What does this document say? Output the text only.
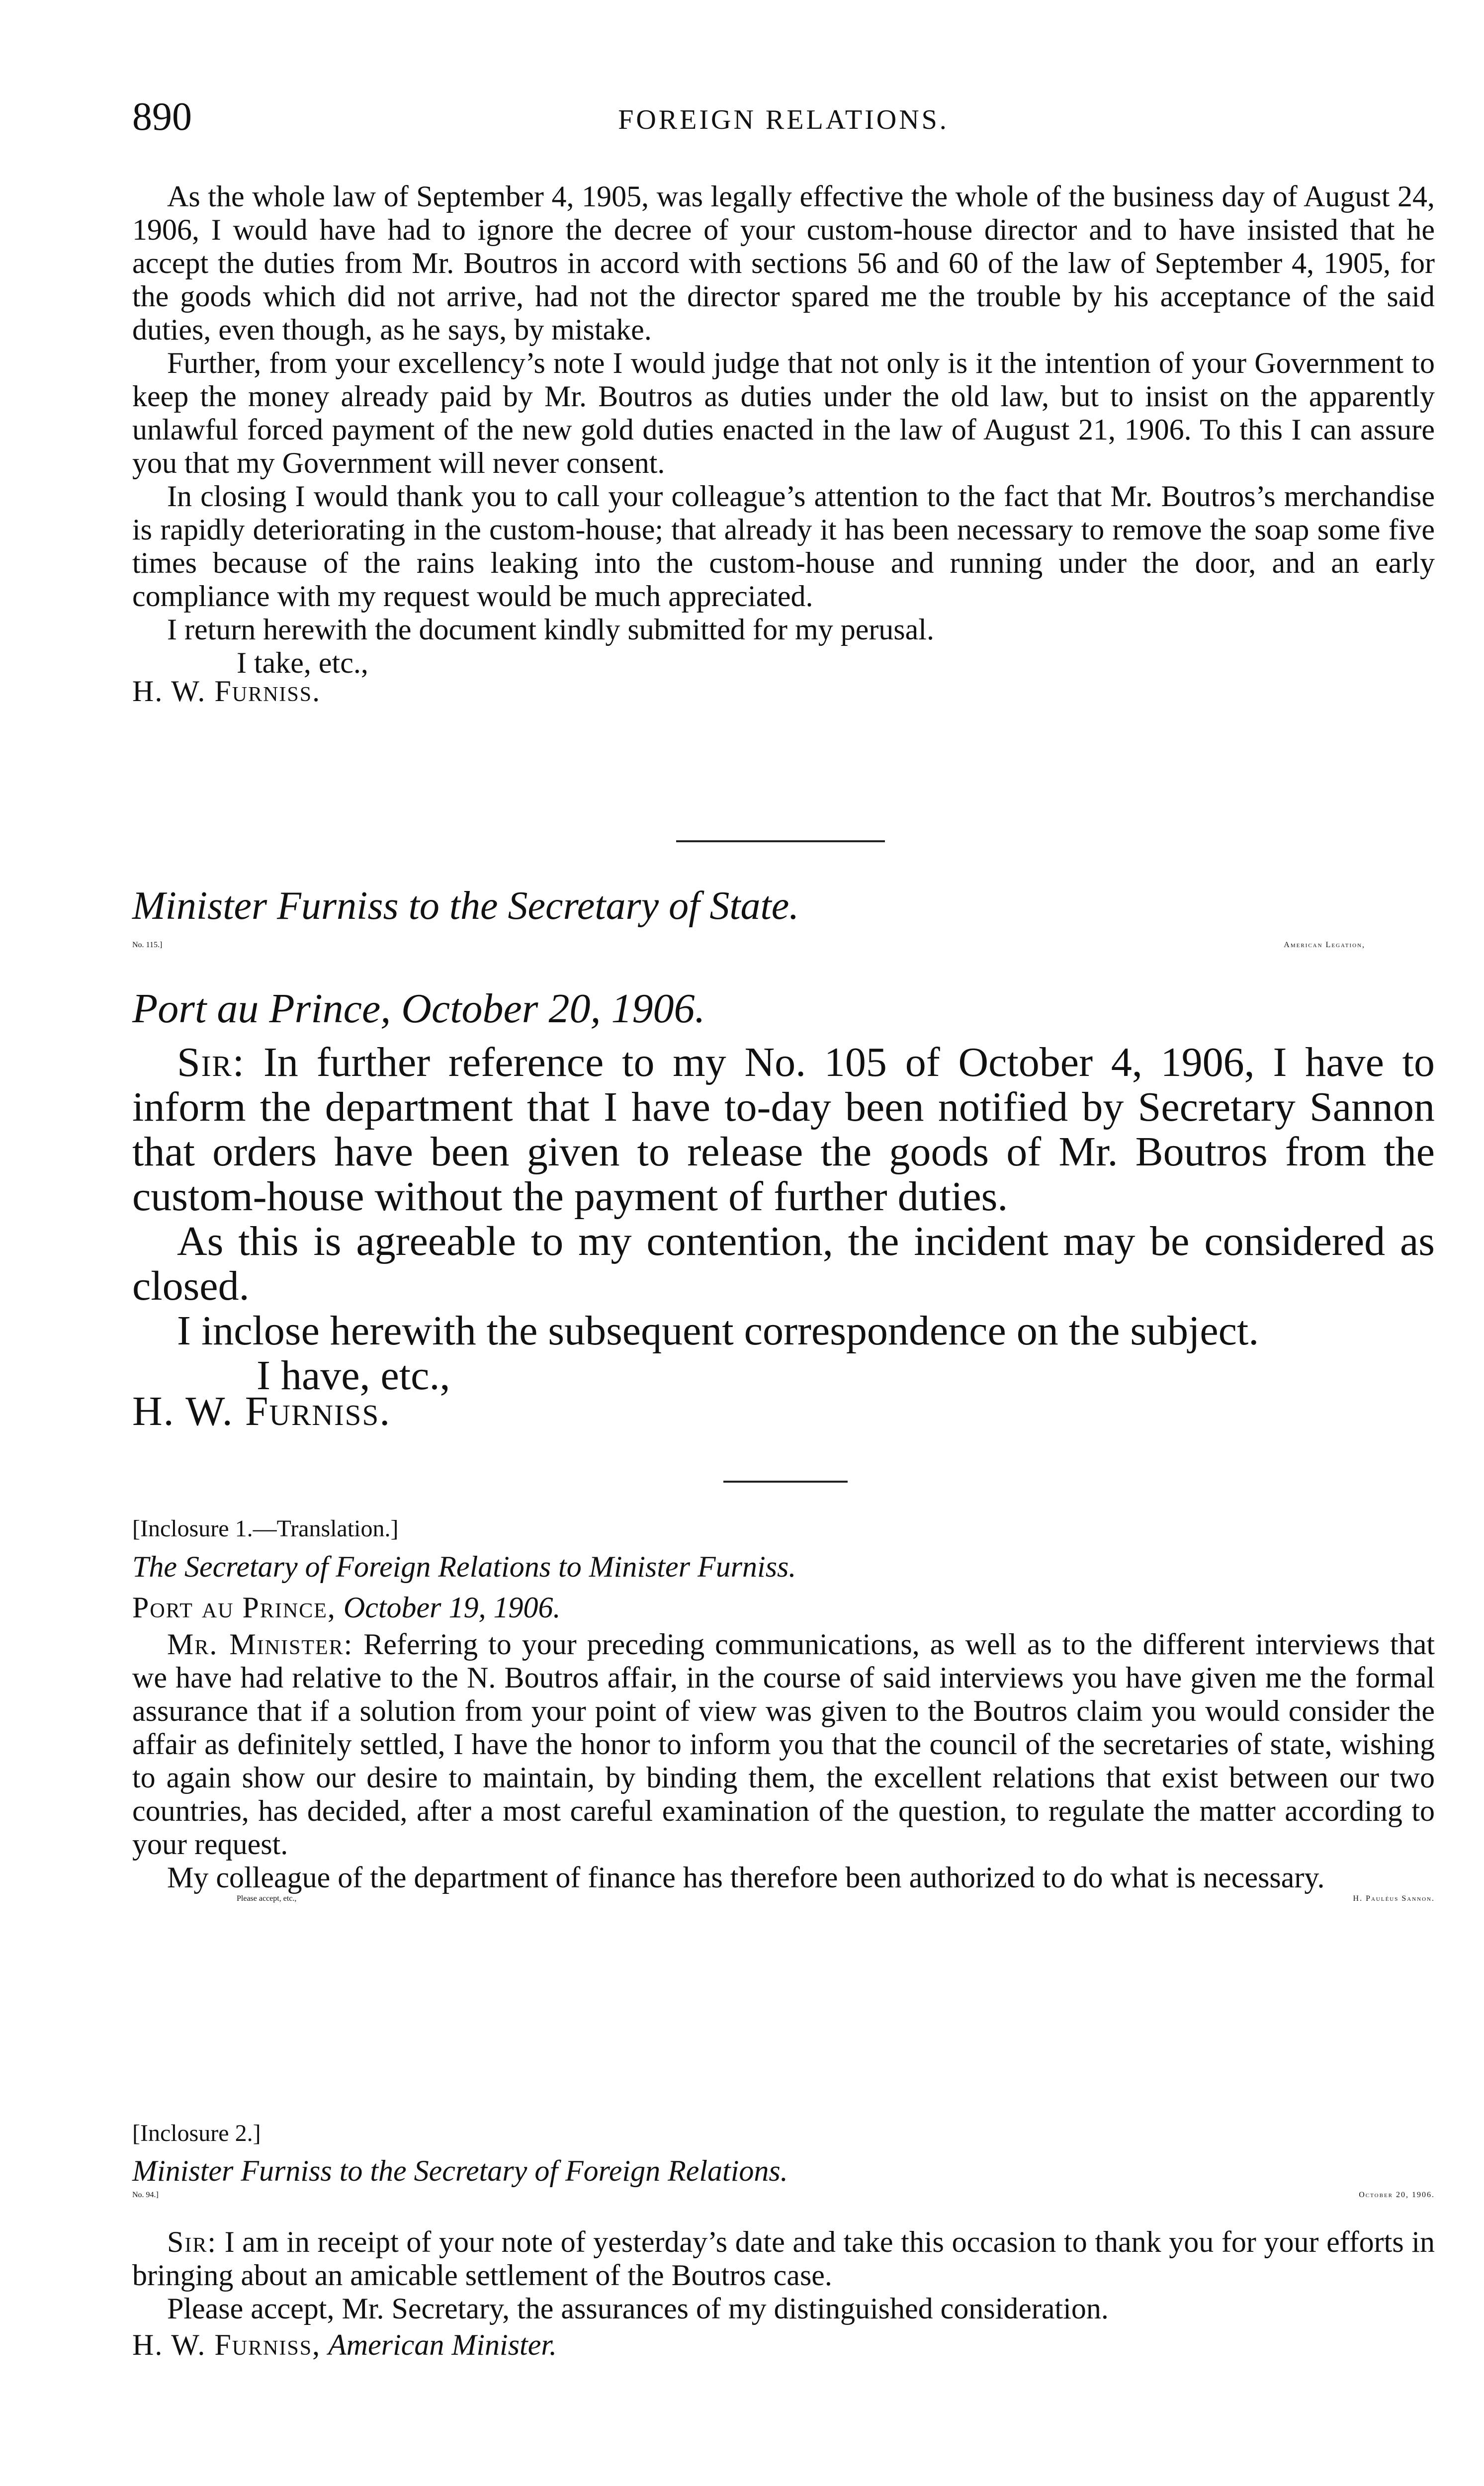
890	FOREIGN RELATIONS.

As the whole law of September 4, 1905, was legally effective the whole of the business day of August 24, 1906, I would have had to ignore the decree of your custom-house director and to have insisted that he accept the duties from Mr. Boutros in accord with sections 56 and 60 of the law of September 4, 1905, for the goods which did not arrive, had not the director spared me the trouble by his acceptance of the said duties, even though, as he says, by mistake.

Further, from your excellency’s note I would judge that not only is it the intention of your Government to keep the money already paid by Mr. Boutros as duties under the old law, but to insist on the apparently unlawful forced payment of the new gold duties enacted in the law of August 21, 1906. To this I can assure you that my Government will never consent.

In closing I would thank you to call your colleague’s attention to the fact that Mr. Boutros’s merchandise is rapidly deteriorating in the custom-house; that already it has been necessary to remove the soap some five times because of the rains leaking into the custom-house and running under the door, and an early compliance with my request would be much appreciated.

I return herewith the document kindly submitted for my perusal.

I take, etc.,

H. W. Furniss.

Minister Furniss to the Secretary of State.

No. 115.]	American Legation,

Port au Prince, October 20, 1906.

Sir: In further reference to my No. 105 of October 4, 1906, I have to inform the department that I have to-day been notified by Secretary Sannon that orders have been given to release the goods of Mr. Boutros from the custom-house without the payment of further duties.

As this is agreeable to my contention, the incident may be considered as closed.

I inclose herewith the subsequent correspondence on the subject.

I have, etc.,

H. W. Furniss.

[Inclosure 1.—Translation.]

The Secretary of Foreign Relations to Minister Furniss.

Port au Prince, October 19, 1906.

Mr. Minister: Referring to your preceding communications, as well as to the different interviews that we have had relative to the N. Boutros affair, in the course of said interviews you have given me the formal assurance that if a solution from your point of view was given to the Boutros claim you would consider the affair as definitely settled, I have the honor to inform you that the council of the secretaries of state, wishing to again show our desire to maintain, by binding them, the excellent relations that exist between our two countries, has decided, after a most careful examination of the question, to regulate the matter according to your request.

My colleague of the department of finance has therefore been authorized to do what is necessary.

Please accept, etc.,	H. Pauléus Sannon.

[Inclosure 2.]

Minister Furniss to the Secretary of Foreign Relations.

No. 94.]	October 20, 1906.

Sir: I am in receipt of your note of yesterday’s date and take this occasion to thank you for your efforts in bringing about an amicable settlement of the Boutros case.

Please accept, Mr. Secretary, the assurances of my distinguished consideration.

H. W. Furniss, American Minister.
